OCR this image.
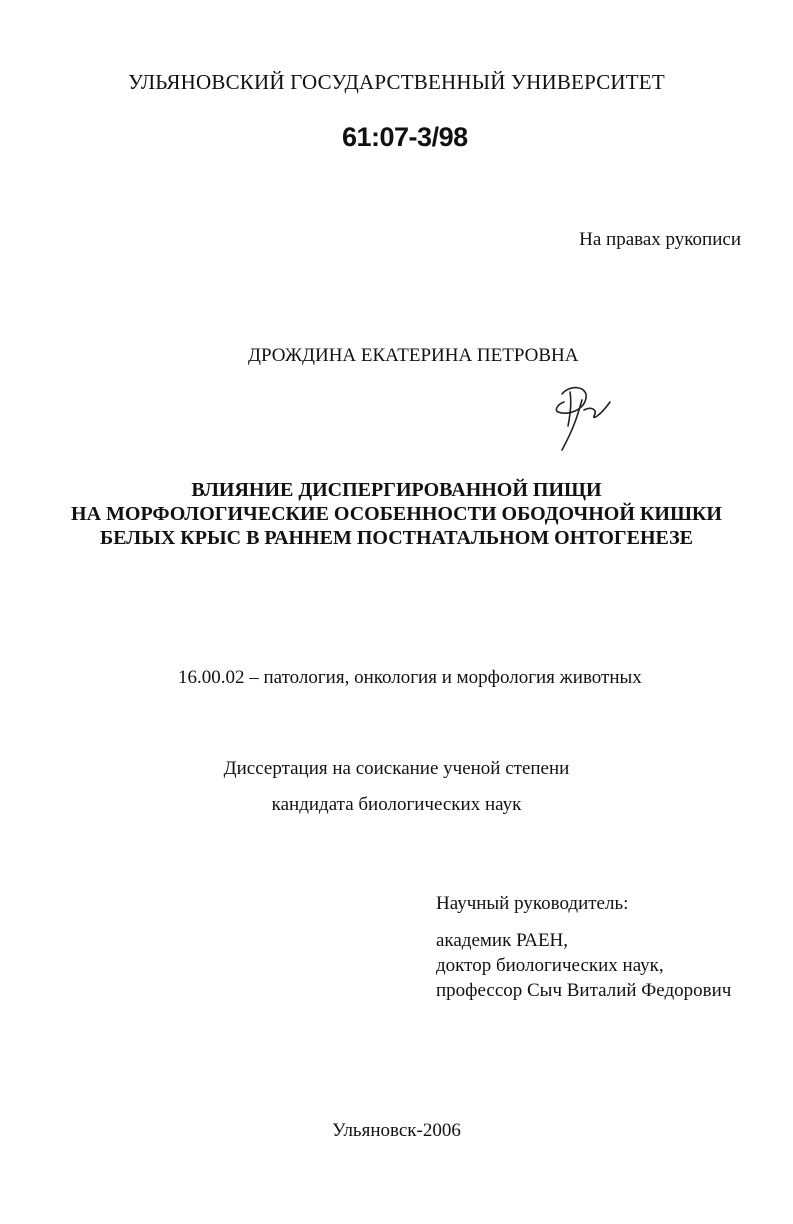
УЛЬЯНОВСКИЙ ГОСУДАРСТВЕННЫЙ УНИВЕРСИТЕТ
61:07-3/98
На правах рукописи
ДРОЖДИНА ЕКАТЕРИНА ПЕТРОВНА
ВЛИЯНИЕ ДИСПЕРГИРОВАННОЙ ПИЩИ
НА МОРФОЛОГИЧЕСКИЕ ОСОБЕННОСТИ ОБОДОЧНОЙ КИШКИ
БЕЛЫХ КРЫС В РАННЕМ ПОСТНАТАЛЬНОМ ОНТОГЕНЕЗЕ
16.00.02 – патология, онкология и морфология животных
Диссертация на соискание ученой степени
кандидата биологических наук
Научный руководитель:
академик РАЕН,
доктор биологических наук,
профессор Сыч Виталий Федорович
Ульяновск-2006
